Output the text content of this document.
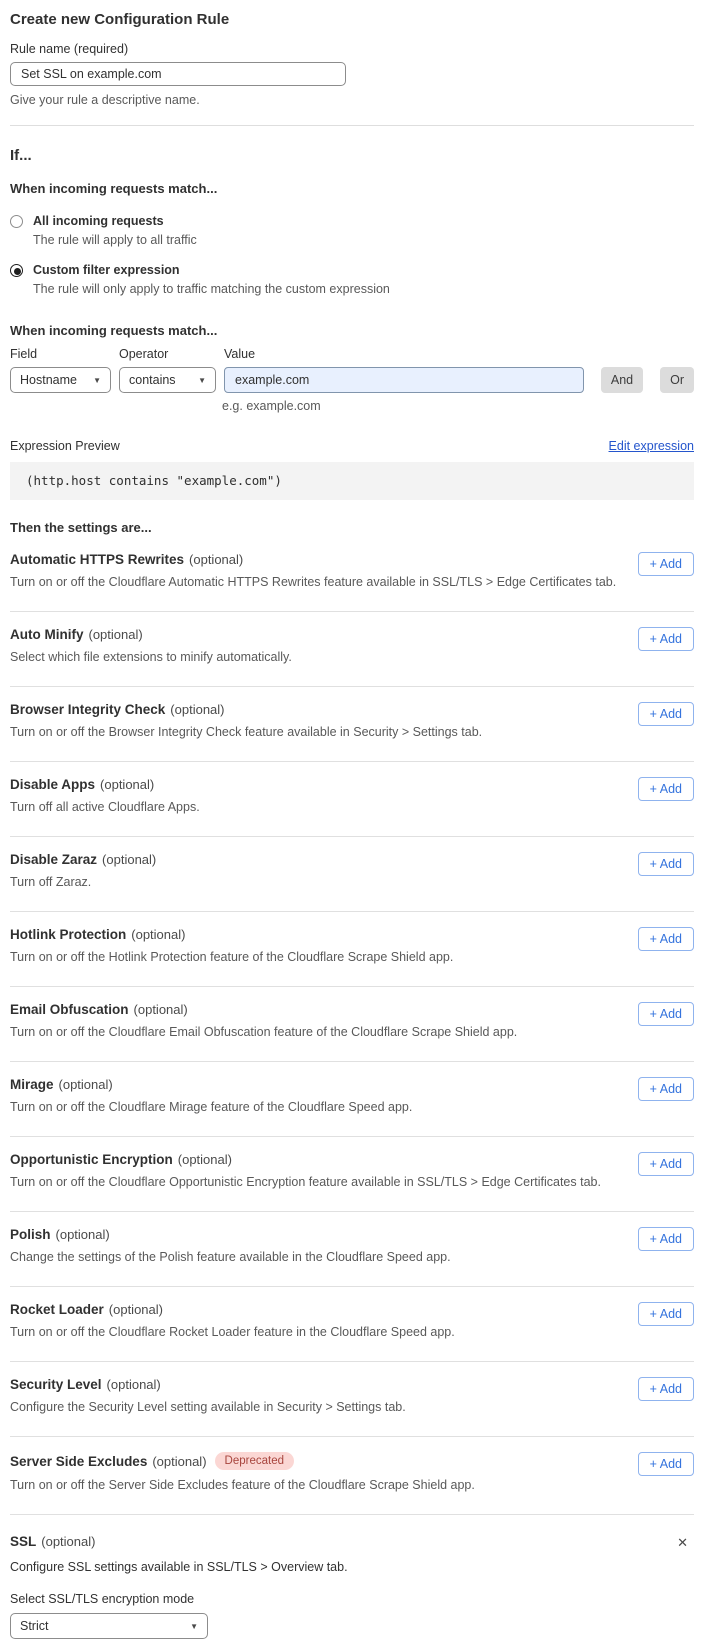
Create new Configuration Rule
Rule name (required)
Set SSL on example.com
Give your rule a descriptive name.
If...
When incoming requests match...
All incoming requests
The rule will apply to all traffic
Custom filter expression
The rule will only apply to traffic matching the custom expression
When incoming requests match...
Field
Hostname ▼
Operator
contains	▼
Value
example.com

And
	Or
e.g. example.com
Expression Preview	Edit expression
(http.host contains "example.com")
Then the settings are...
Automatic HTTPS Rewrites (optional)
Turn on or off the Cloudflare Automatic HTTPS Rewrites feature available in SSL/TLS > Edge Certificates tab.
+ Add
Auto Minify (optional)
Select which file extensions to minify automatically.
+ Add
Browser Integrity Check (optional)
Turn on or off the Browser Integrity Check feature available in Security > Settings tab.
+ Add
Disable Apps (optional)
Turn off all active Cloudflare Apps.
+ Add
Disable Zaraz (optional)
Turn off Zaraz.
+ Add
Hotlink Protection (optional)
Turn on or off the Hotlink Protection feature of the Cloudflare Scrape Shield app.
+ Add
Email Obfuscation (optional)
Turn on or off the Cloudflare Email Obfuscation feature of the Cloudflare Scrape Shield app.
+ Add
Mirage (optional)
Turn on or off the Cloudflare Mirage feature of the Cloudflare Speed app.
+ Add
Opportunistic Encryption (optional)
Turn on or off the Cloudflare Opportunistic Encryption feature available in SSL/TLS > Edge Certificates tab.
+ Add
Polish (optional)
Change the settings of the Polish feature available in the Cloudflare Speed app.
+ Add
Rocket Loader (optional)
Turn on or off the Cloudflare Rocket Loader feature in the Cloudflare Speed app.
+ Add
Security Level (optional)
Configure the Security Level setting available in Security > Settings tab.
+ Add
Server Side Excludes (optional)	Deprecated
Turn on or off the Server Side Excludes feature of the Cloudflare Scrape Shield app.
+ Add
SSL (optional)	✕
Configure SSL settings available in SSL/TLS > Overview tab.
Select SSL/TLS encryption mode
Strict	▼
